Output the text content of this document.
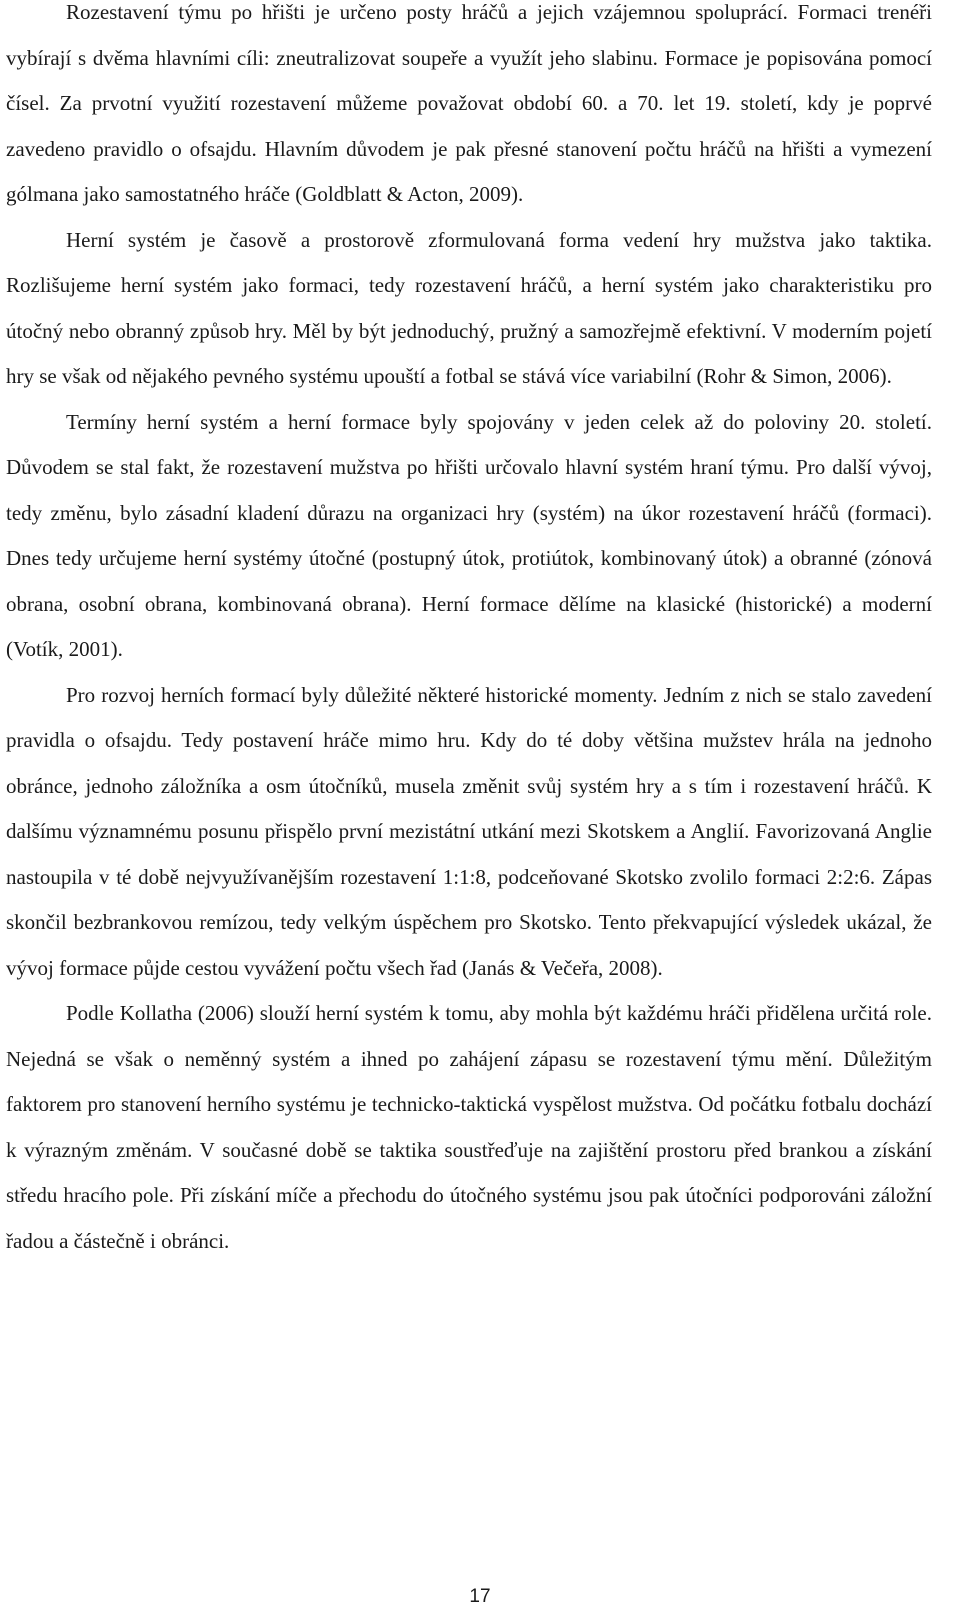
Rozestavení týmu po hřišti je určeno posty hráčů a jejich vzájemnou spoluprácí. Formaci trenéři vybírají s dvěma hlavními cíli: zneutralizovat soupeře a využít jeho slabinu. Formace je popisována pomocí čísel. Za prvotní využití rozestavení můžeme považovat období 60. a 70. let 19. století, kdy je poprvé zavedeno pravidlo o ofsajdu. Hlavním důvodem je pak přesné stanovení počtu hráčů na hřišti a vymezení gólmana jako samostatného hráče (Goldblatt & Acton, 2009).

Herní systém je časově a prostorově zformulovaná forma vedení hry mužstva jako taktika. Rozlišujeme herní systém jako formaci, tedy rozestavení hráčů, a herní systém jako charakteristiku pro útočný nebo obranný způsob hry. Měl by být jednoduchý, pružný a samozřejmě efektivní. V moderním pojetí hry se však od nějakého pevného systému upouští a fotbal se stává více variabilní (Rohr & Simon, 2006).

Termíny herní systém a herní formace byly spojovány v jeden celek až do poloviny 20. století. Důvodem se stal fakt, že rozestavení mužstva po hřišti určovalo hlavní systém hraní týmu. Pro další vývoj, tedy změnu, bylo zásadní kladení důrazu na organizaci hry (systém) na úkor rozestavení hráčů (formaci). Dnes tedy určujeme herní systémy útočné (postupný útok, protiútok, kombinovaný útok) a obranné (zónová obrana, osobní obrana, kombinovaná obrana). Herní formace dělíme na klasické (historické) a moderní (Votík, 2001).

Pro rozvoj herních formací byly důležité některé historické momenty. Jedním z nich se stalo zavedení pravidla o ofsajdu. Tedy postavení hráče mimo hru. Kdy do té doby většina mužstev hrála na jednoho obránce, jednoho záložníka a osm útočníků, musela změnit svůj systém hry a s tím i rozestavení hráčů. K dalšímu významnému posunu přispělo první mezistátní utkání mezi Skotskem a Anglií. Favorizovaná Anglie nastoupila v té době nejvyužívanějším rozestavení 1:1:8, podceňované Skotsko zvolilo formaci 2:2:6. Zápas skončil bezbrankovou remízou, tedy velkým úspěchem pro Skotsko. Tento překvapující výsledek ukázal, že vývoj formace půjde cestou vyvážení počtu všech řad (Janás & Večeřa, 2008).

Podle Kollatha (2006) slouží herní systém k tomu, aby mohla být každému hráči přidělena určitá role. Nejedná se však o neměnný systém a ihned po zahájení zápasu se rozestavení týmu mění. Důležitým faktorem pro stanovení herního systému je technicko-taktická vyspělost mužstva. Od počátku fotbalu dochází k výrazným změnám. V současné době se taktika soustřeďuje na zajištění prostoru před brankou a získání středu hracího pole. Při získání míče a přechodu do útočného systému jsou pak útočníci podporováni záložní řadou a částečně i obránci.

17
